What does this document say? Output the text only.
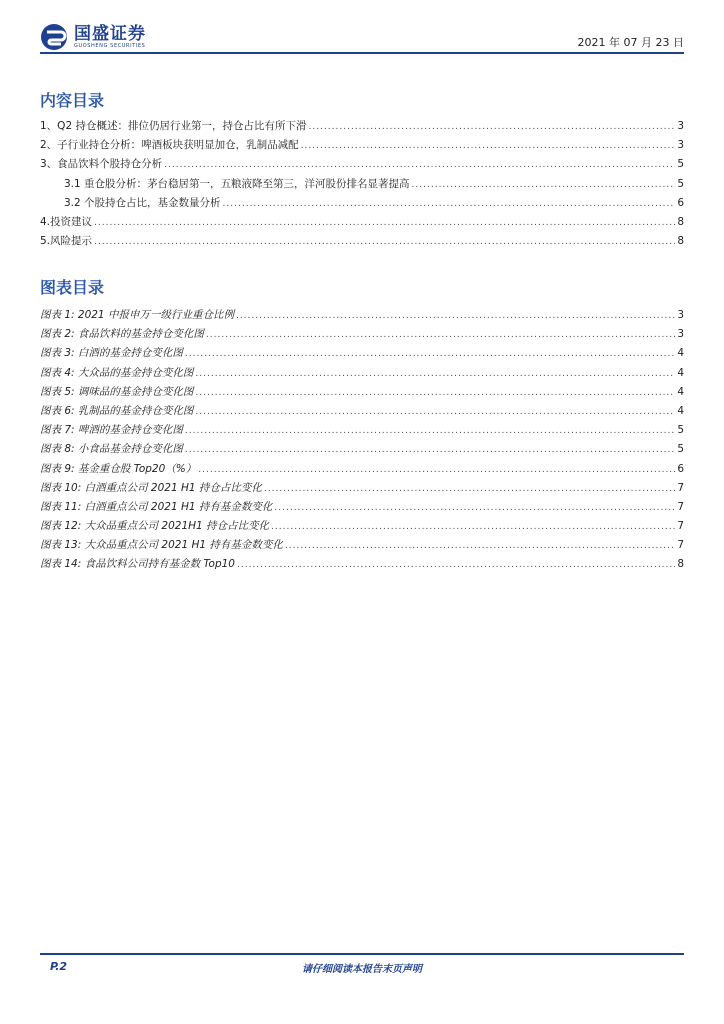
国盛证券
GUOSHENG SECURITIES	2021 年 07 月 23 日
内容目录
1、Q2 持仓概述：排位仍居行业第一，持仓占比有所下滑 .....	3
2、子行业持仓分析：啤酒板块获明显加仓，乳制品减配 .....	3
3、食品饮料个股持仓分析 .....	5
3.1 重仓股分析：茅台稳居第一，五粮液降至第三，洋河股份排名显著提高 .....	5
3.2 个股持仓占比，基金数量分析 .....	6
4.投资建议 .....	8
5.风险提示 .....	8
图表目录
图表 1: 2021 中报申万一级行业重仓比例 .....	3
图表 2: 食品饮料的基金持仓变化图 .....	3
图表 3: 白酒的基金持仓变化图 .....	4
图表 4: 大众品的基金持仓变化图 .....	4
图表 5: 调味品的基金持仓变化图 .....	4
图表 6: 乳制品的基金持仓变化图 .....	4
图表 7: 啤酒的基金持仓变化图 .....	5
图表 8: 小食品基金持仓变化图 .....	5
图表 9: 基金重仓股 Top20（%） .....	6
图表 10: 白酒重点公司 2021 H1 持仓占比变化 .....	7
图表 11: 白酒重点公司 2021 H1 持有基金数变化 .....	7
图表 12: 大众品重点公司 2021H1 持仓占比变化 .....	7
图表 13: 大众品重点公司 2021 H1 持有基金数变化 .....	7
图表 14: 食品饮料公司持有基金数 Top10 .....	8
P.2	请仔细阅读本报告末页声明
